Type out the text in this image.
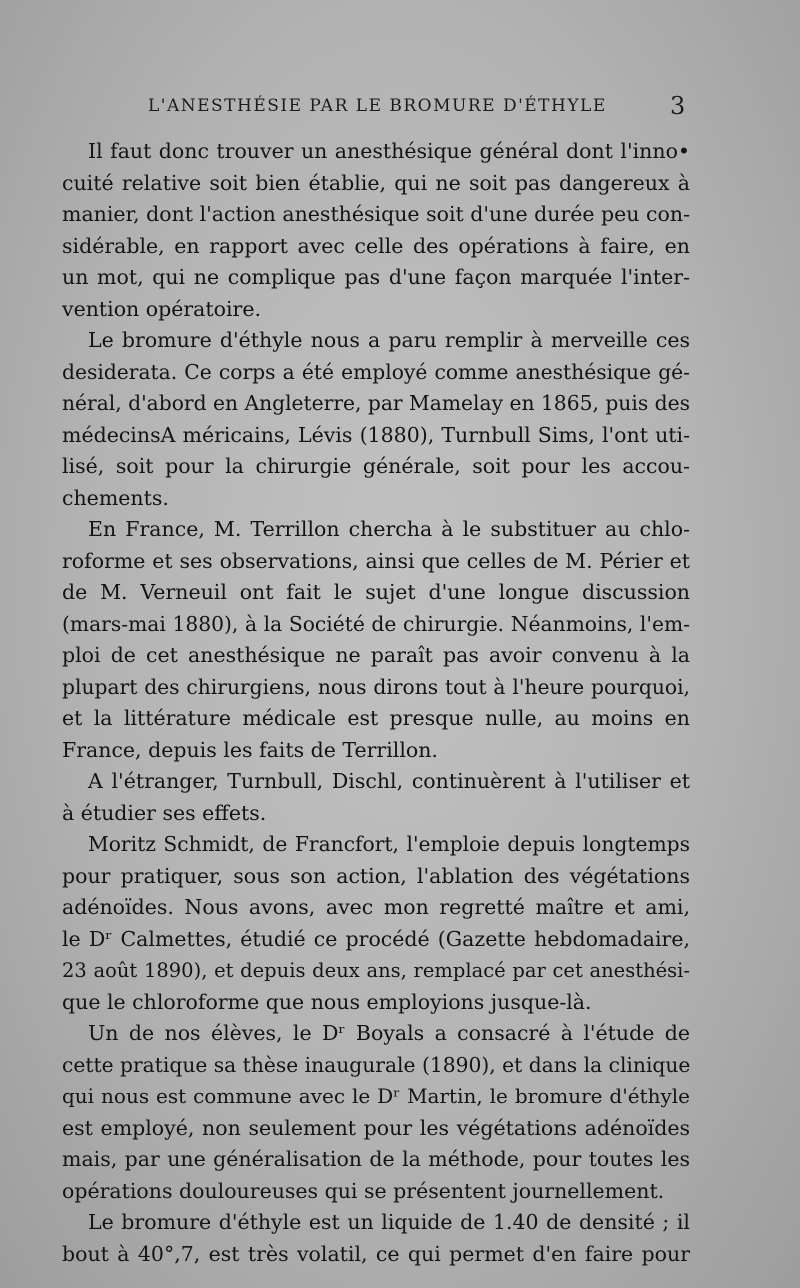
L'ANESTHÉSIE PAR LE BROMURE D'ÉTHYLE	3
Il faut donc trouver un anesthésique général dont l'inno•
cuité relative soit bien établie, qui ne soit pas dangereux à
manier, dont l'action anesthésique soit d'une durée peu con-
sidérable, en rapport avec celle des opérations à faire, en
un mot, qui ne complique pas d'une façon marquée l'inter-
vention opératoire.
Le bromure d'éthyle nous a paru remplir à merveille ces
desiderata. Ce corps a été employé comme anesthésique gé-
néral, d'abord en Angleterre, par Mamelay en 1865, puis des
médecinsA méricains, Lévis (1880), Turnbull Sims, l'ont uti-
lisé, soit pour la chirurgie générale, soit pour les accou-
chements.
En France, M. Terrillon chercha à le substituer au chlo-
roforme et ses observations, ainsi que celles de M. Périer et
de M. Verneuil ont fait le sujet d'une longue discussion
(mars-mai 1880), à la Société de chirurgie. Néanmoins, l'em-
ploi de cet anesthésique ne paraît pas avoir convenu à la
plupart des chirurgiens, nous dirons tout à l'heure pourquoi,
et la littérature médicale est presque nulle, au moins en
France, depuis les faits de Terrillon.
A l'étranger, Turnbull, Dischl, continuèrent à l'utiliser et
à étudier ses effets.
Moritz Schmidt, de Francfort, l'emploie depuis longtemps
pour pratiquer, sous son action, l'ablation des végétations
adénoïdes. Nous avons, avec mon regretté maître et ami,
le Dʳ Calmettes, étudié ce procédé (Gazette hebdomadaire,
23 août 1890), et depuis deux ans, remplacé par cet anesthési-
que le chloroforme que nous employions jusque-là.
Un de nos élèves, le Dʳ Boyals a consacré à l'étude de
cette pratique sa thèse inaugurale (1890), et dans la clinique
qui nous est commune avec le Dʳ Martin, le bromure d'éthyle
est employé, non seulement pour les végétations adénoïdes
mais, par une généralisation de la méthode, pour toutes les
opérations douloureuses qui se présentent journellement.
Le bromure d'éthyle est un liquide de 1.40 de densité ; il
bout à 40°,7, est très volatil, ce qui permet d'en faire pour
